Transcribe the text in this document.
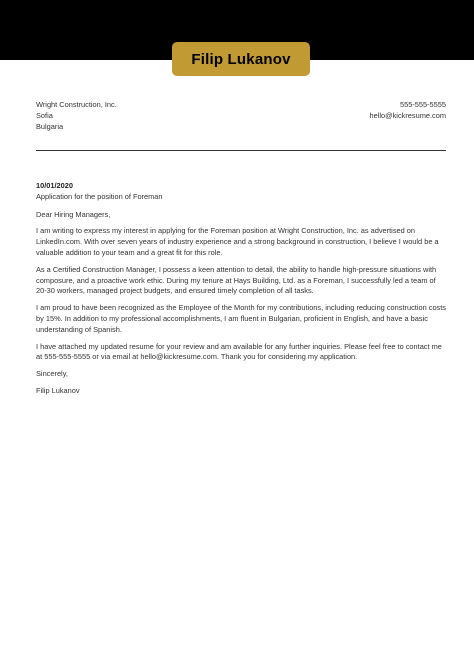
Filip Lukanov
Wright Construction, Inc.
Sofia
Bulgaria
555-555-5555
hello@kickresume.com

10/01/2020

Application for the position of Foreman

Dear Hiring Managers,

I am writing to express my interest in applying for the Foreman position at Wright Construction, Inc. as advertised on LinkedIn.com. With over seven years of industry experience and a strong background in construction, I believe I would be a valuable addition to your team and a great fit for this role.

As a Certified Construction Manager, I possess a keen attention to detail, the ability to handle high-pressure situations with composure, and a proactive work ethic. During my tenure at Hays Building, Ltd. as a Foreman, I successfully led a team of 20-30 workers, managed project budgets, and ensured timely completion of all tasks.

I am proud to have been recognized as the Employee of the Month for my contributions, including reducing construction costs by 15%. In addition to my professional accomplishments, I am fluent in Bulgarian, proficient in English, and have a basic understanding of Spanish.

I have attached my updated resume for your review and am available for any further inquiries. Please feel free to contact me at 555-555-5555 or via email at hello@kickresume.com. Thank you for considering my application.

Sincerely,

Filip Lukanov
